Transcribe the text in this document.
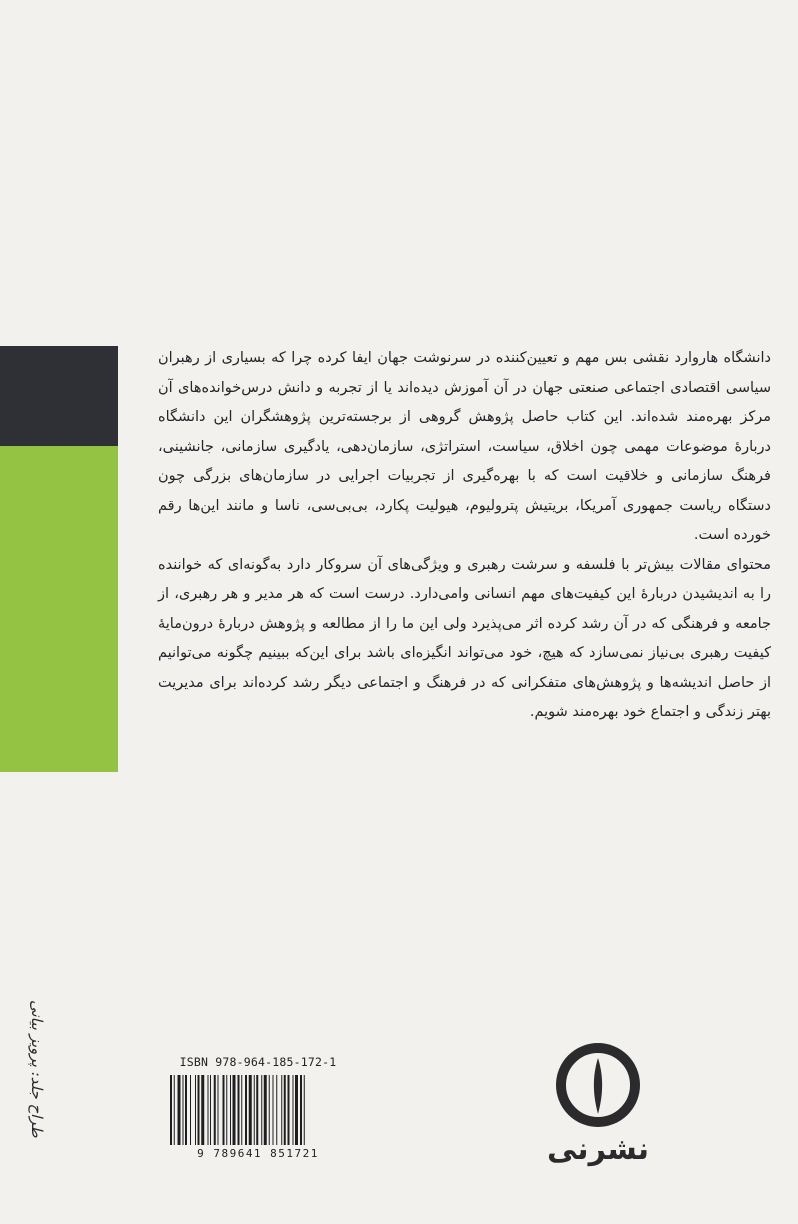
دانشگاه هاروارد نقشی بس مهم و تعیین‌کننده در سرنوشت جهان ایفا کرده چرا که بسیاری از رهبران سیاسی اقتصادی اجتماعی صنعتی جهان در آن آموزش دیده‌اند یا از تجربه و دانش درس‌خوانده‌های آن مرکز بهره‌مند شده‌اند. این کتاب حاصل پژوهش گروهی از برجسته‌ترین پژوهشگران این دانشگاه دربارهٔ موضوعات مهمی چون اخلاق، سیاست، استراتژی، سازمان‌دهی، یادگیری سازمانی، جانشینی، فرهنگ سازمانی و خلاقیت است که با بهره‌گیری از تجربیات اجرایی در سازمان‌های بزرگی چون دستگاه ریاست جمهوری آمریکا، بریتیش پترولیوم، هیولیت پکارد، بی‌بی‌سی، ناسا و مانند این‌ها رقم خورده است.

محتوای مقالات بیش‌تر با فلسفه و سرشت رهبری و ویژگی‌های آن سروکار دارد به‌گونه‌ای که خواننده را به اندیشیدن دربارهٔ این کیفیت‌های مهم انسانی وامی‌دارد. درست است که هر مدیر و هر رهبری، از جامعه و فرهنگی که در آن رشد کرده اثر می‌پذیرد ولی این ما را از مطالعه و پژوهش دربارهٔ درون‌مایهٔ کیفیت رهبری بی‌نیاز نمی‌سازد که هیچ، خود می‌تواند انگیزه‌ای باشد برای این‌که ببینیم چگونه می‌توانیم از حاصل اندیشه‌ها و پژوهش‌های متفکرانی که در فرهنگ و اجتماعی دیگر رشد کرده‌اند برای مدیریت بهتر زندگی و اجتماع خود بهره‌مند شویم.

طراح جلد: پرویز بیانی	ISBN 978-964-185-172-1
9 789641 851721	نشرنی
